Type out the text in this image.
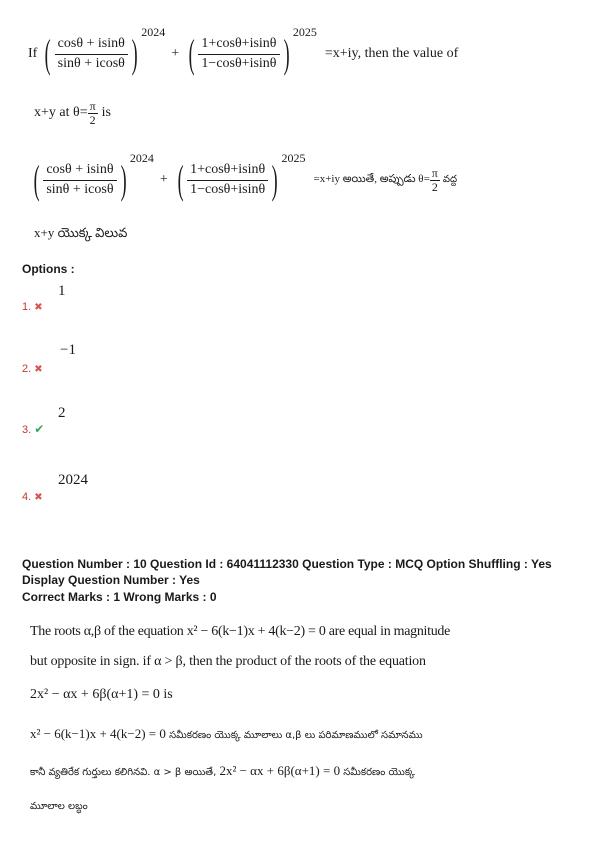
If ( $\frac{\cos\theta + isin\theta}{\sin\theta + icos\theta}$ ) 2024
+ ( $\frac{1+\cos\theta+isin\theta}{1-\cos\theta+isin\theta}$ ) 2025
=x+iy, then the value of
x+y at $\theta= \frac{\pi}{2}$ is
( $\frac{\cos\theta + isin\theta}{\sin\theta + icos\theta}$ ) 2024
+ ( $\frac{1+\cos\theta+isin\theta}{1-\cos\theta+isin\theta}$ ) 2025
=x+iy అయితే, అప్పుడు $\theta= \frac{\pi}{2}$ వద్ద
x+y యొక్క విలువ
Options :
1
1. ✖
−1
2. ✖
2
3. ✔
2024
4. ✖
Question Number : 10 Question Id : 64041112330 Question Type : MCQ Option Shuffling : Yes
Display Question Number : Yes
Correct Marks : 1 Wrong Marks : 0
The roots α,β of the equation x² − 6(k−1)x + 4(k−2) = 0 are equal in magnitude
but opposite in sign. if α > β, then the product of the roots of the equation
2x² − αx + 6β(α+1) = 0 is
x² − 6(k−1)x + 4(k−2) = 0 సమీకరణం యొక్క మూలాలు α,β లు పరిమాణములో సమానము
కానీ వ్యతిరేక గుర్తులు కలిగినవి. α > β అయితే, 2x² − αx + 6β(α+1) = 0 సమీకరణం యొక్క
మూలాల లబ్ధం
